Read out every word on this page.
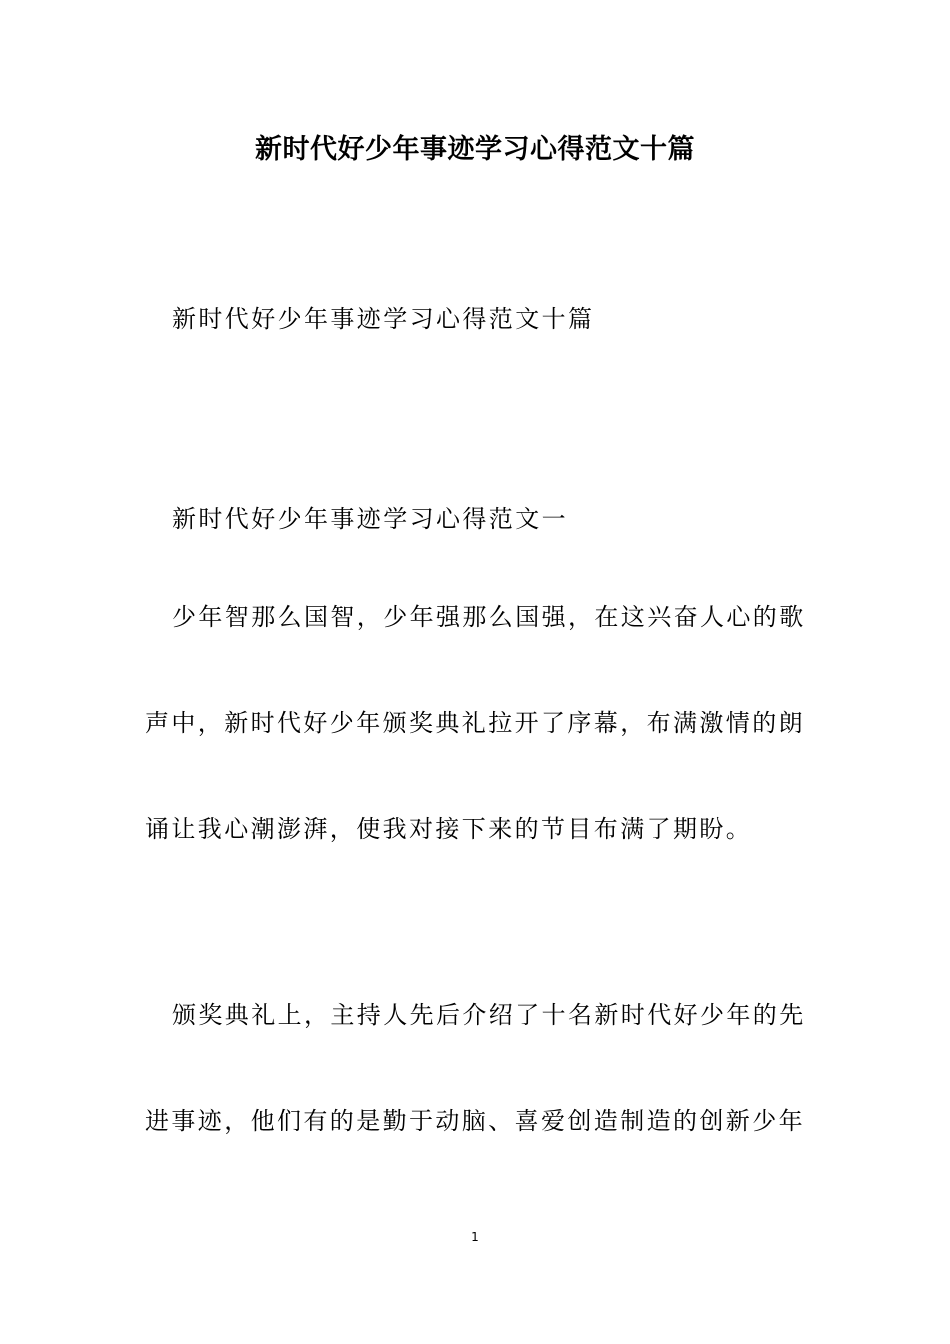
新时代好少年事迹学习心得范文十篇

新时代好少年事迹学习心得范文十篇

新时代好少年事迹学习心得范文一

少年智那么国智，少年强那么国强，在这兴奋人心的歌
声中，新时代好少年颁奖典礼拉开了序幕，布满激情的朗
诵让我心潮澎湃，使我对接下来的节目布满了期盼。

颁奖典礼上，主持人先后介绍了十名新时代好少年的先
进事迹，他们有的是勤于动脑、喜爱创造制造的创新少年

1
